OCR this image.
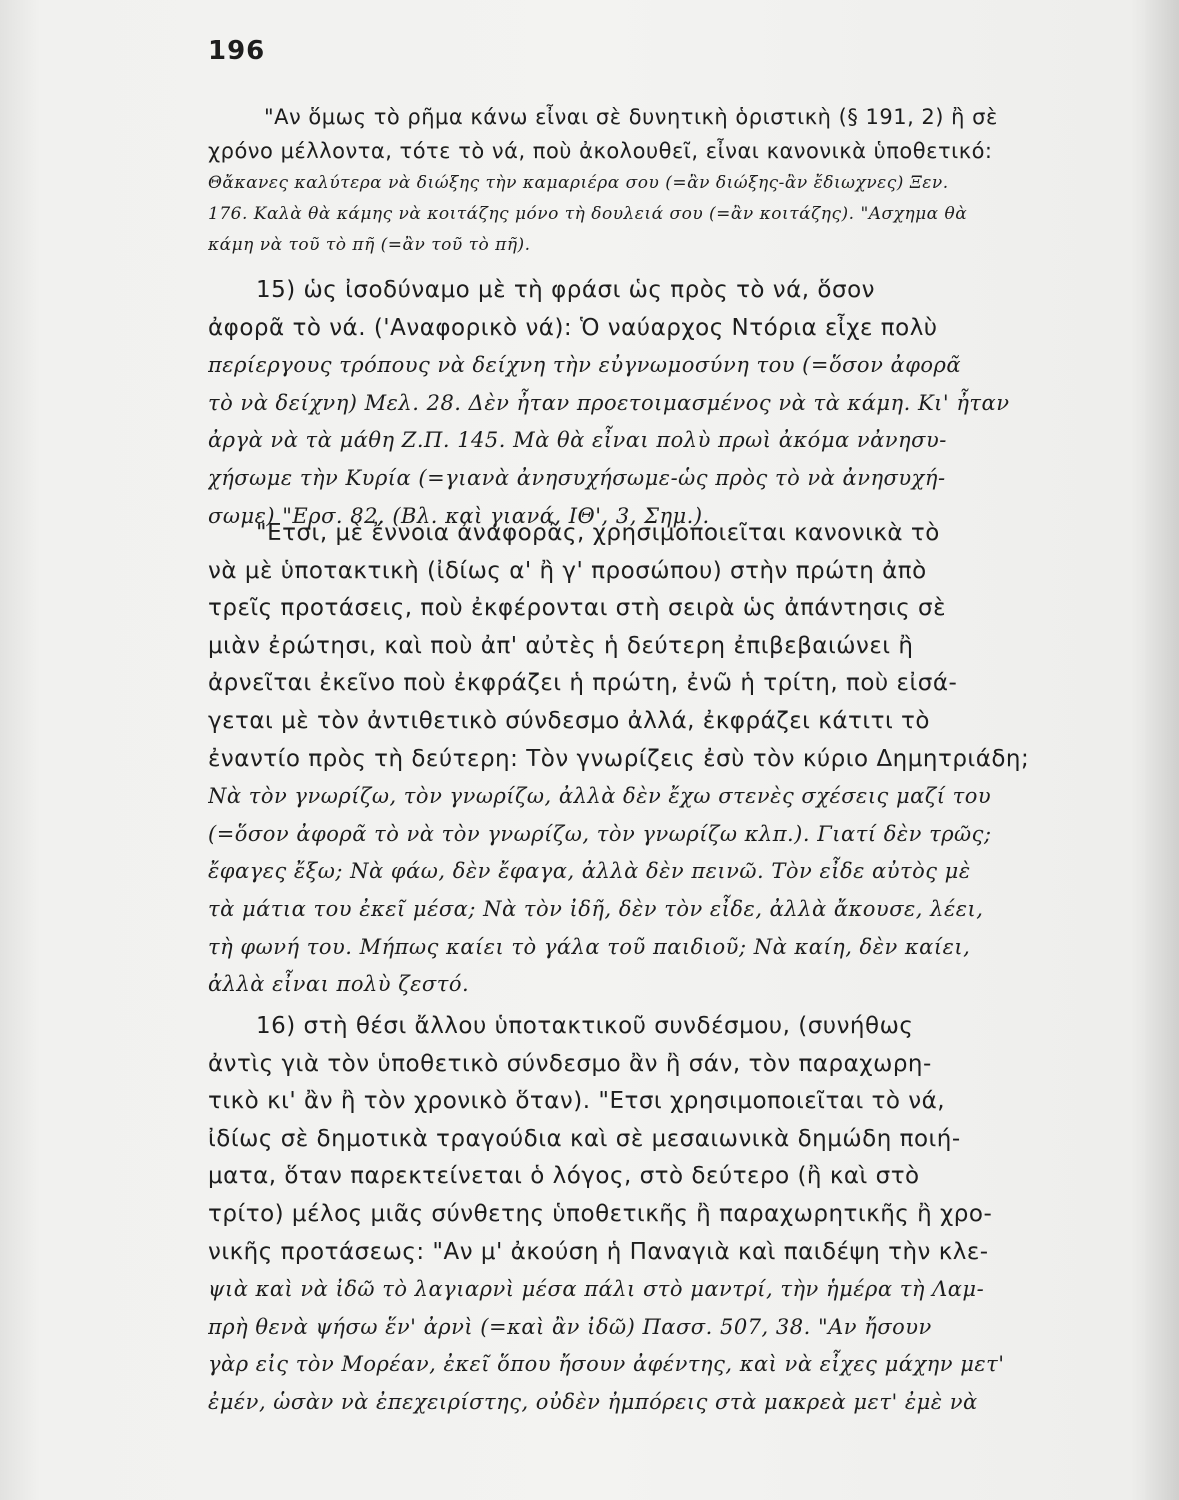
196
"Αν ὅμως τὸ ρῆμα κάνω εἶναι σὲ δυνητικὴ ὁριστικὴ (§ 191, 2) ἢ σὲ
χρόνο μέλλοντα, τότε τὸ νά, ποὺ ἀκολουθεῖ, εἶναι κανονικὰ ὑποθετικό:
Θἄκανες καλύτερα νὰ διώξης τὴν καμαριέρα σου (=ἂν διώξης-ἂν ἔδιωχνες) Ξεν.
176. Καλὰ θὰ κάμης νὰ κοιτάζης μόνο τὴ δουλειά σου (=ἂν κοιτάζης). "Ασχημα θὰ
κάμη νὰ τοῦ τὸ πῆ (=ἂν τοῦ τὸ πῆ).
15) ὡς ἰσοδύναμο μὲ τὴ φράσι ὡς πρὸς τὸ νά, ὅσον
ἀφορᾶ τὸ νά. ('Αναφορικὸ νά): Ὁ ναύαρχος Ντόρια εἶχε πολὺ
περίεργους τρόπους νὰ δείχνη τὴν εὐγνωμοσύνη του (=ὅσον ἀφορᾶ
τὸ νὰ δείχνη) Μελ. 28. Δὲν ἦταν προετοιμασμένος νὰ τὰ κάμη. Κι' ἦταν
ἀργὰ νὰ τὰ μάθη Ζ.Π. 145. Μὰ θὰ εἶναι πολὺ πρωὶ ἀκόμα νἀνησυ-
χήσωμε τὴν Κυρία (=γιανὰ ἀνησυχήσωμε-ὡς πρὸς τὸ νὰ ἀνησυχή-
σωμε) "Ερσ. 82. (Βλ. καὶ γιανά, ΙΘ', 3, Σημ.).
"Ετσι, μὲ ἔννοια ἀναφορᾶς, χρησιμοποιεῖται κανονικὰ τὸ
νὰ μὲ ὑποτακτικὴ (ἰδίως α' ἢ γ' προσώπου) στὴν πρώτη ἀπὸ
τρεῖς προτάσεις, ποὺ ἐκφέρονται στὴ σειρὰ ὡς ἀπάντησις σὲ
μιὰν ἐρώτησι, καὶ ποὺ ἀπ' αὐτὲς ἡ δεύτερη ἐπιβεβαιώνει ἢ
ἀρνεῖται ἐκεῖνο ποὺ ἐκφράζει ἡ πρώτη, ἐνῶ ἡ τρίτη, ποὺ εἰσά-
γεται μὲ τὸν ἀντιθετικὸ σύνδεσμο ἀλλά, ἐκφράζει κάτιτι τὸ
ἐναντίο πρὸς τὴ δεύτερη: Τὸν γνωρίζεις ἐσὺ τὸν κύριο Δημητριάδη;
Νὰ τὸν γνωρίζω, τὸν γνωρίζω, ἀλλὰ δὲν ἔχω στενὲς σχέσεις μαζί του
(=ὅσον ἀφορᾶ τὸ νὰ τὸν γνωρίζω, τὸν γνωρίζω κλπ.). Γιατί δὲν τρῶς;
ἔφαγες ἔξω; Νὰ φάω, δὲν ἔφαγα, ἀλλὰ δὲν πεινῶ. Τὸν εἶδε αὐτὸς μὲ
τὰ μάτια του ἐκεῖ μέσα; Νὰ τὸν ἰδῆ, δὲν τὸν εἶδε, ἀλλὰ ἄκουσε, λέει,
τὴ φωνή του. Μήπως καίει τὸ γάλα τοῦ παιδιοῦ; Νὰ καίη, δὲν καίει,
ἀλλὰ εἶναι πολὺ ζεστό.
16) στὴ θέσι ἄλλου ὑποτακτικοῦ συνδέσμου, (συνήθως
ἀντὶς γιὰ τὸν ὑποθετικὸ σύνδεσμο ἂν ἢ σάν, τὸν παραχωρη-
τικὸ κι' ἂν ἢ τὸν χρονικὸ ὅταν). "Ετσι χρησιμοποιεῖται τὸ νά,
ἰδίως σὲ δημοτικὰ τραγούδια καὶ σὲ μεσαιωνικὰ δημώδη ποιή-
ματα, ὅταν παρεκτείνεται ὁ λόγος, στὸ δεύτερο (ἢ καὶ στὸ
τρίτο) μέλος μιᾶς σύνθετης ὑποθετικῆς ἢ παραχωρητικῆς ἢ χρο-
νικῆς προτάσεως: "Αν μ' ἀκούση ἡ Παναγιὰ καὶ παιδέψη τὴν κλε-
ψιὰ καὶ νὰ ἰδῶ τὸ λαγιαρνὶ μέσα πάλι στὸ μαντρί, τὴν ἡμέρα τὴ Λαμ-
πρὴ θενὰ ψήσω ἕν' ἀρνὶ (=καὶ ἂν ἰδῶ) Πασσ. 507, 38. "Αν ἤσουν
γὰρ εἰς τὸν Μορέαν, ἐκεῖ ὅπου ἤσουν ἀφέντης, καὶ νὰ εἶχες μάχην μετ'
ἐμέν, ὡσὰν νὰ ἐπεχειρίστης, οὐδὲν ἠμπόρεις στὰ μακρεὰ μετ' ἐμὲ νὰ
